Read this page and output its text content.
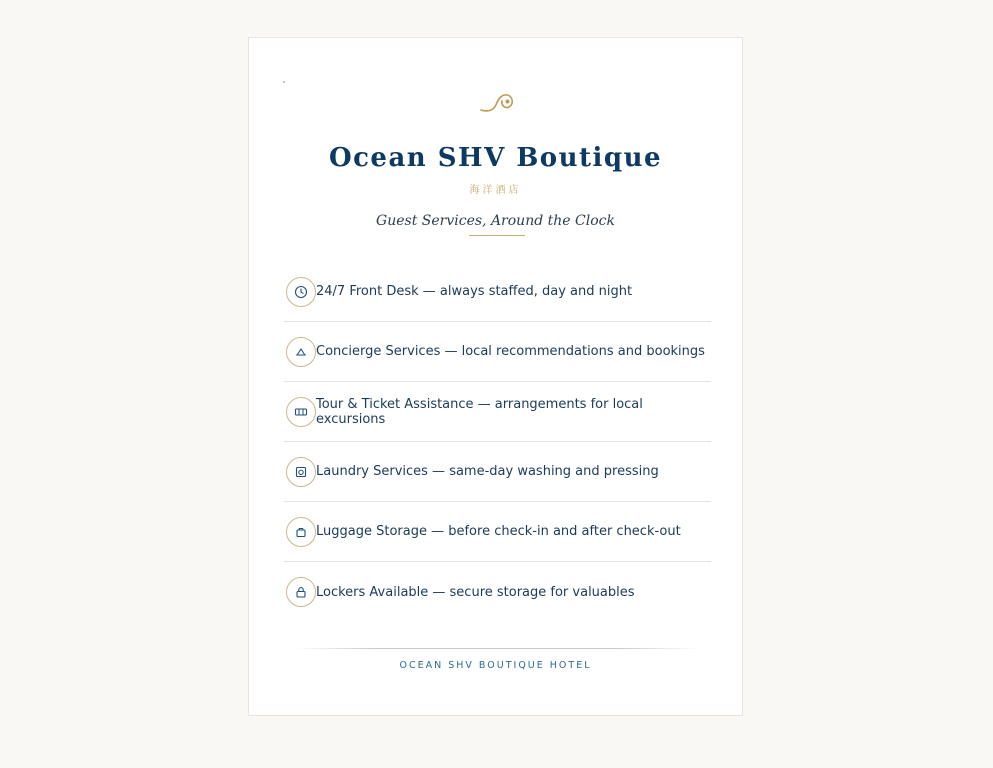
Ocean SHV Boutique
海洋酒店
Guest Services, Around the Clock
24/7 Front Desk — always staffed, day and night
Concierge Services — local recommendations and bookings
Tour & Ticket Assistance — arrangements for local excursions
Laundry Services — same-day washing and pressing
Luggage Storage — before check-in and after check-out
Lockers Available — secure storage for valuables
OCEAN SHV BOUTIQUE HOTEL
